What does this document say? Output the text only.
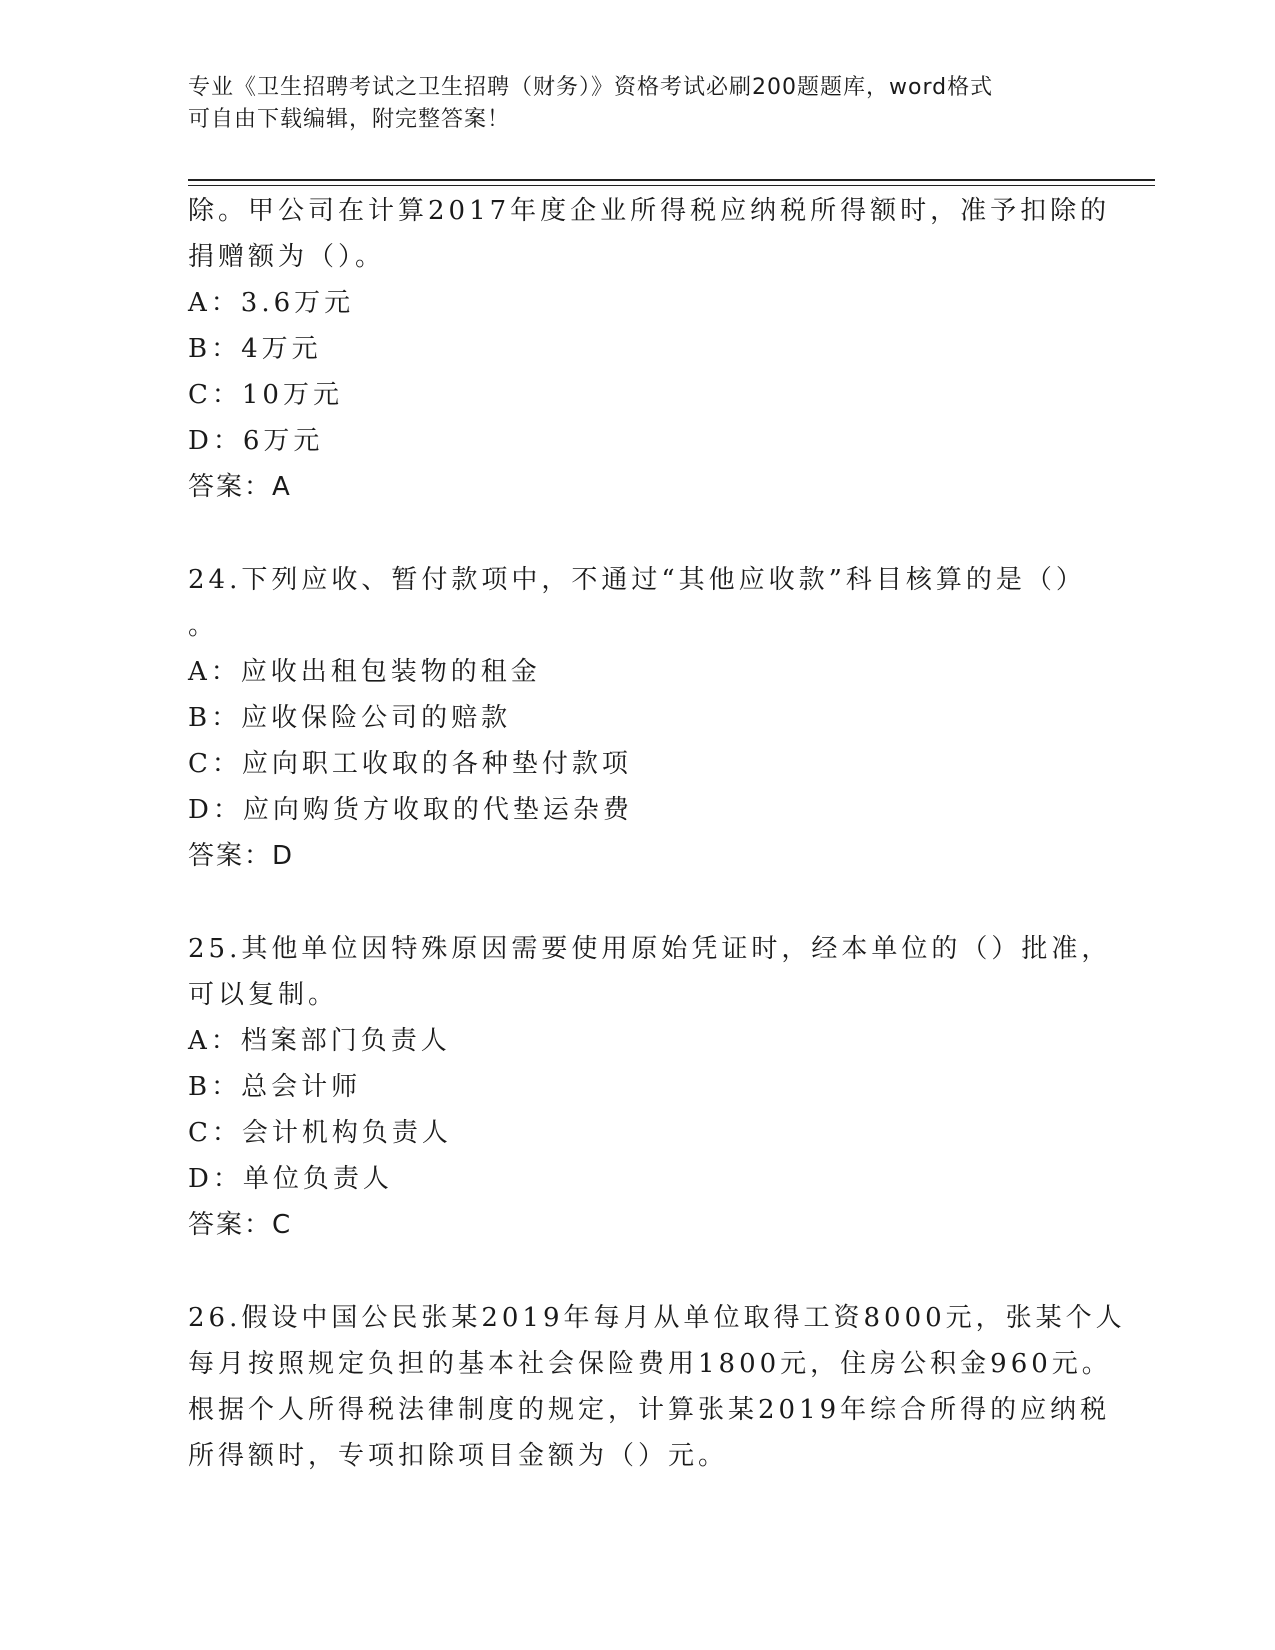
专业《卫生招聘考试之卫生招聘（财务）》资格考试必刷200题题库，word格式
可自由下载编辑，附完整答案！
除。甲公司在计算2017年度企业所得税应纳税所得额时，准予扣除的
捐赠额为（）。
A：3.6万元
B：4万元
C：10万元
D：6万元
答案：A
24.下列应收、暂付款项中，不通过“其他应收款”科目核算的是（）
。
A：应收出租包装物的租金
B：应收保险公司的赔款
C：应向职工收取的各种垫付款项
D：应向购货方收取的代垫运杂费
答案：D
25.其他单位因特殊原因需要使用原始凭证时，经本单位的（）批准，
可以复制。
A：档案部门负责人
B：总会计师
C：会计机构负责人
D：单位负责人
答案：C
26.假设中国公民张某2019年每月从单位取得工资8000元，张某个人
每月按照规定负担的基本社会保险费用1800元，住房公积金960元。
根据个人所得税法律制度的规定，计算张某2019年综合所得的应纳税
所得额时，专项扣除项目金额为（）元。
